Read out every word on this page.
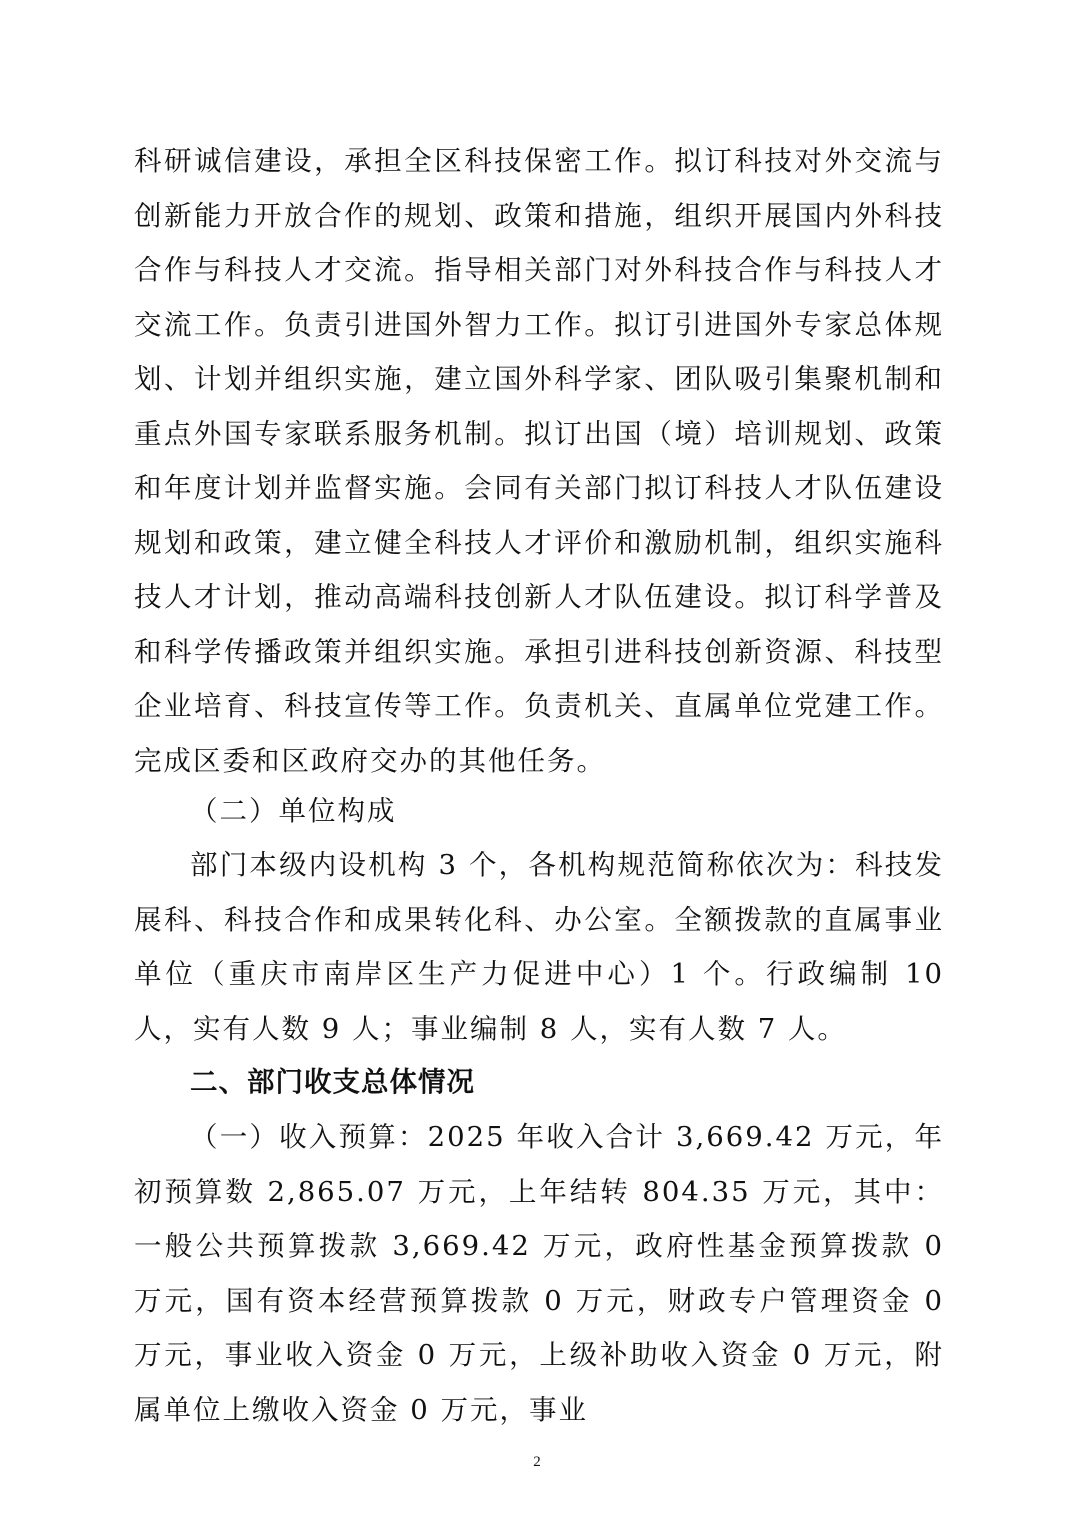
科研诚信建设，承担全区科技保密工作。拟订科技对外交流与创新能力开放合作的规划、政策和措施，组织开展国内外科技合作与科技人才交流。指导相关部门对外科技合作与科技人才交流工作。负责引进国外智力工作。拟订引进国外专家总体规划、计划并组织实施，建立国外科学家、团队吸引集聚机制和重点外国专家联系服务机制。拟订出国（境）培训规划、政策和年度计划并监督实施。会同有关部门拟订科技人才队伍建设规划和政策，建立健全科技人才评价和激励机制，组织实施科技人才计划，推动高端科技创新人才队伍建设。拟订科学普及和科学传播政策并组织实施。承担引进科技创新资源、科技型企业培育、科技宣传等工作。负责机关、直属单位党建工作。完成区委和区政府交办的其他任务。

（二）单位构成

部门本级内设机构 3 个，各机构规范简称依次为：科技发展科、科技合作和成果转化科、办公室。全额拨款的直属事业单位（重庆市南岸区生产力促进中心）1 个。行政编制 10 人，实有人数 9 人；事业编制 8 人，实有人数 7 人。

二、部门收支总体情况

（一）收入预算：2025 年收入合计 3,669.42 万元，年初预算数 2,865.07 万元，上年结转 804.35 万元，其中：一般公共预算拨款 3,669.42 万元，政府性基金预算拨款 0 万元，国有资本经营预算拨款 0 万元，财政专户管理资金 0 万元，事业收入资金 0 万元，上级补助收入资金 0 万元，附属单位上缴收入资金 0 万元，事业

2
